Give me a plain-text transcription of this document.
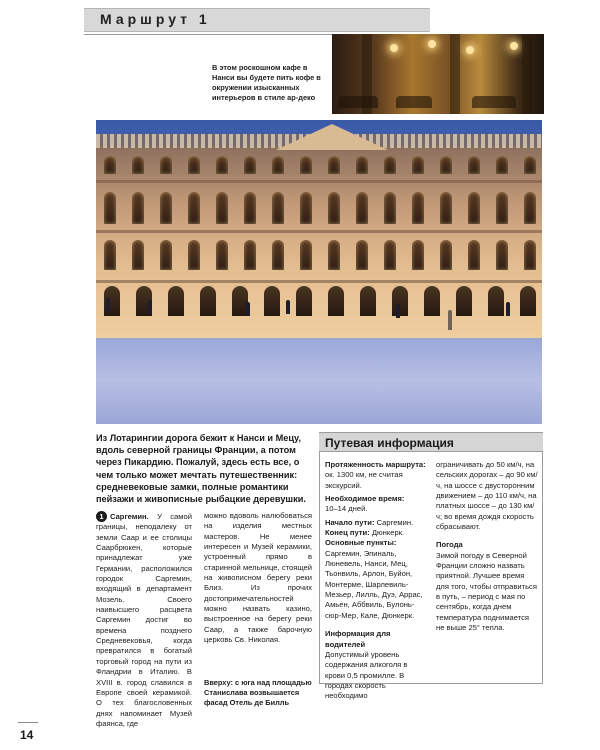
Маршрут 1
В этом роскошном кафе в Нанси вы будете пить кофе в окружении изысканных интерьеров в стиле ар-деко
Из Лотарингии дорога бежит к Нанси и Мецу, вдоль северной границы Франции, а потом через Пикардию. Пожалуй, здесь есть все, о чем только может мечтать путешественник: средневековые замки, полные романтики пейзажи и живописные рыбацкие деревушки.
1 Саргемин. У самой границы, неподалеку от земли Саар и ее столицы Саарбрюкен, которые принадлежат уже Германии, расположился городок Саргемин, входящий в департамент Мозель. Своего наивысшего расцвета Саргемин достиг во времена позднего Средневековья, когда превратился в богатый торговый город на пути из Фландрии в Италию. В XVIII в. город славился в Европе своей керамикой. О тех благословенных днях напоминает Музей фаянса, где
можно вдоволь налюбоваться на изделия местных мастеров. Не менее интересен и Музей керамики, устроенный прямо в старинной мельнице, стоящей на живописном берегу реки Близ. Из прочих достопримечательностей можно назвать казино, выстроенное на берегу реки Саар, а также барочную церковь Св. Николая.
Вверху: с юга над площадью Станислава возвышается фасад Отель де Билль
Путевая информация

Протяженность маршрута: ок. 1300 км, не считая экскурсий.

Необходимое время:
10–14 дней.

Начало пути: Саргемин.
Конец пути: Дюнкерк.
Основные пункты: Саргемин, Эпиналь, Люневель, Нанси, Мец, Тьонвиль, Арлон, Буйон, Монтерме, Шарлевиль-Мезьер, Лилль, Дуэ, Аррас, Амьен, Аббвиль, Булонь-сюр-Мер, Кале, Дюнкерк.

Информация для водителей
Допустимый уровень содержания алкоголя в крови 0,5 промилле. В городах скорость необходимо

ограничивать до 50 км/ч, на сельских дорогах – до 90 км/ч, на шоссе с двусторонним движением – до 110 км/ч, на платных шоссе – до 130 км/ч; во время дождя скорость сбрасывают.

Погода
Зимой погоду в Северной Франции сложно назвать приятной. Лучшее время для того, чтобы отправиться в путь, – период с мая по сентябрь, когда днем температура поднимается не выше 25° тепла.
14
